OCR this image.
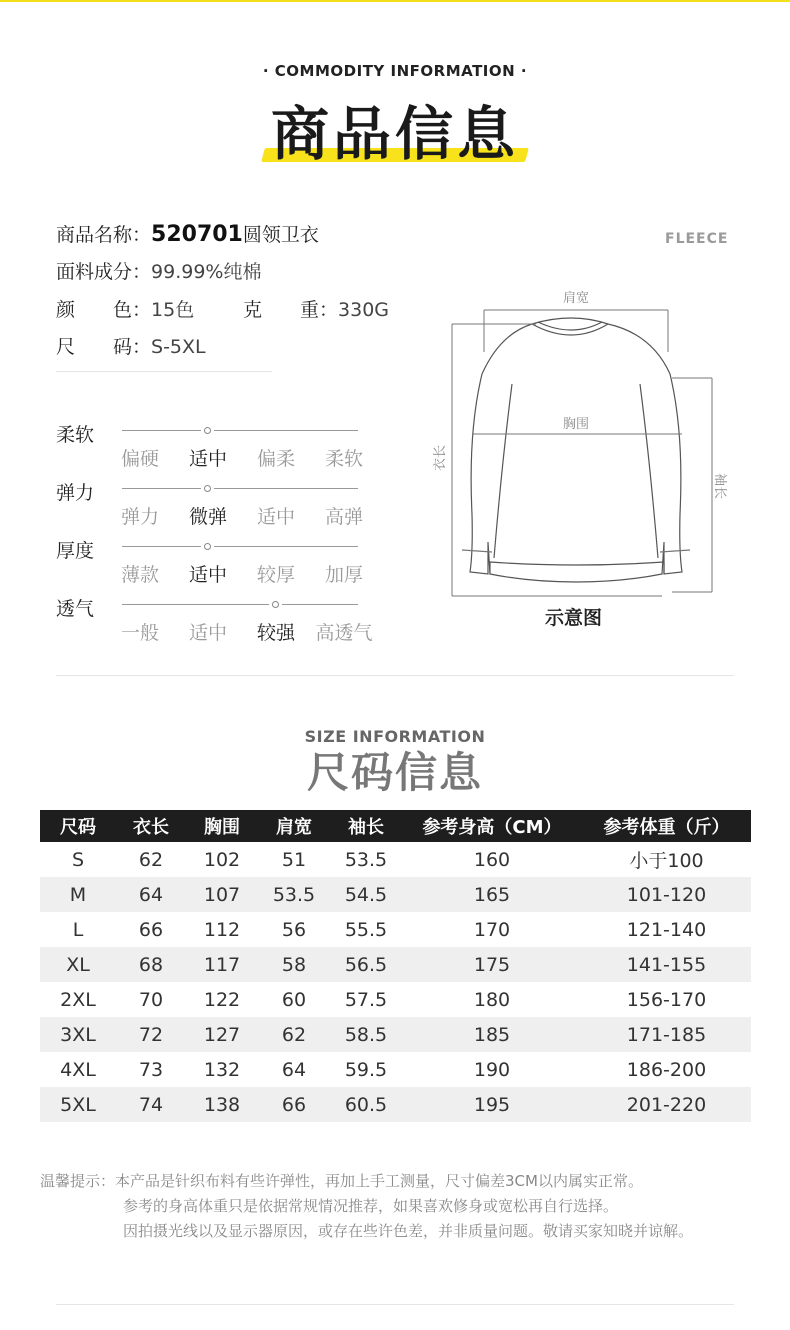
· COMMODITY INFORMATION ·
商品信息
商品名称：520701圆领卫衣
面料成分：99.99%纯棉
颜　　色：15色	克　　重：330G
尺　　码：S-5XL
FLEECE
柔软
偏硬	适中	偏柔	柔软
弹力
弹力	微弹	适中	高弹
厚度
薄款	适中	较厚	加厚
透气
一般	适中	较强	高透气
肩宽
胸围
衣长
袖长
示意图
SIZE INFORMATION
尺码信息
尺码	衣长	胸围	肩宽	袖长	参考身高（CM）	参考体重（斤）
S	62	102	51	53.5	160	小于100
M	64	107	53.5	54.5	165	101-120
L	66	112	56	55.5	170	121-140
XL	68	117	58	56.5	175	141-155
2XL	70	122	60	57.5	180	156-170
3XL	72	127	62	58.5	185	171-185
4XL	73	132	64	59.5	190	186-200
5XL	74	138	66	60.5	195	201-220
温馨提示：本产品是针织布料有些许弹性，再加上手工测量，尺寸偏差3CM以内属实正常。
参考的身高体重只是依据常规情况推荐，如果喜欢修身或宽松再自行选择。
因拍摄光线以及显示器原因，或存在些许色差，并非质量问题。敬请买家知晓并谅解。
